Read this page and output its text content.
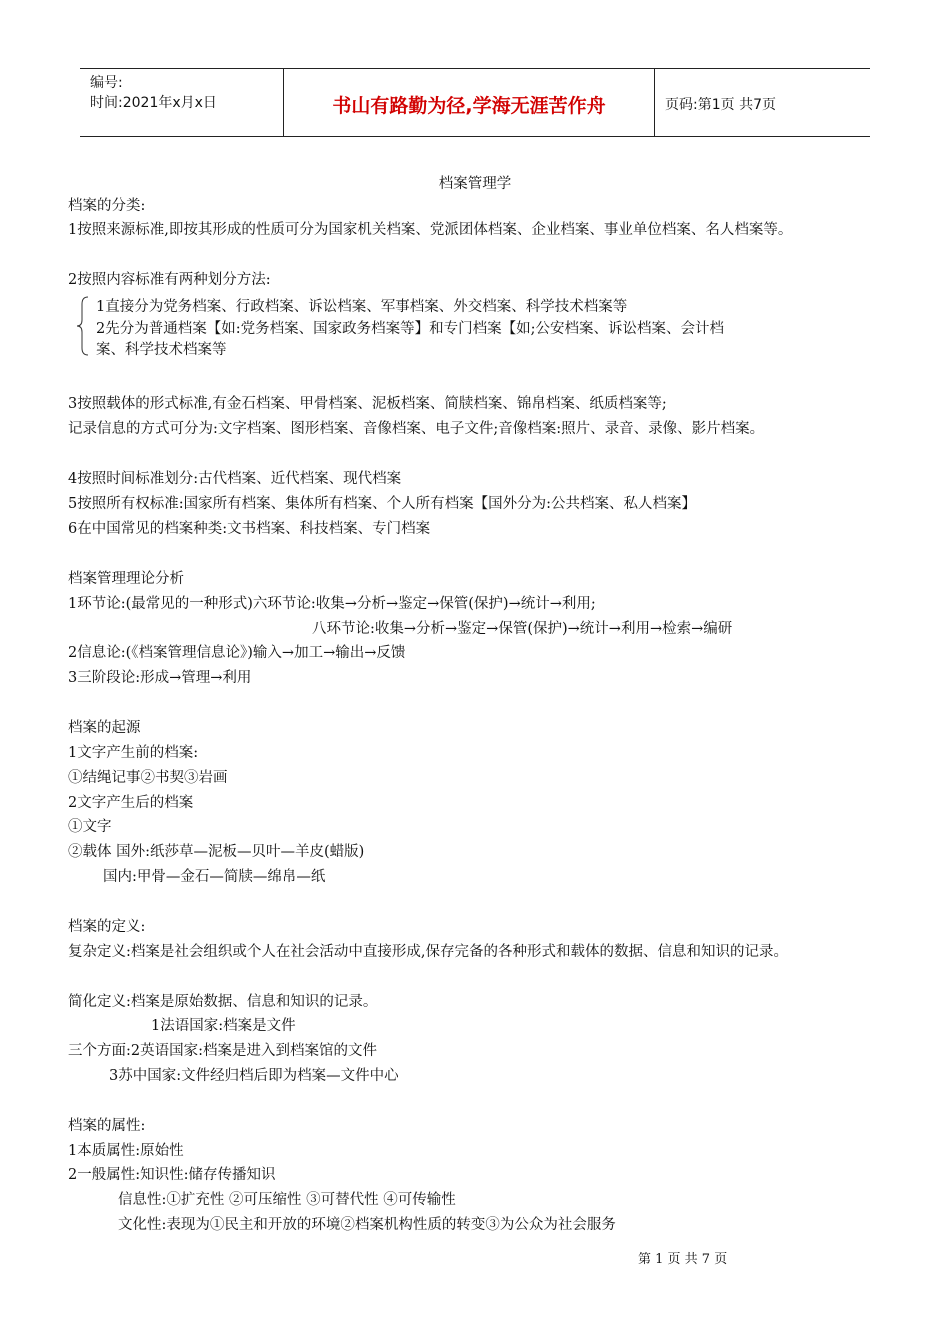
编号:
时间:2021年x月x日	书山有路勤为径,学海无涯苦作舟	页码:第1页 共7页
档案管理学
档案的分类:
1按照来源标准,即按其形成的性质可分为国家机关档案、党派团体档案、企业档案、事业单位档案、名人档案等。
2按照内容标准有两种划分方法:
1直接分为党务档案、行政档案、诉讼档案、军事档案、外交档案、科学技术档案等
2先分为普通档案【如:党务档案、国家政务档案等】和专门档案【如;公安档案、诉讼档案、会计档
案、科学技术档案等
3按照载体的形式标准,有金石档案、甲骨档案、泥板档案、简牍档案、锦帛档案、纸质档案等;
记录信息的方式可分为:文字档案、图形档案、音像档案、电子文件;音像档案:照片、录音、录像、影片档案。
4按照时间标准划分:古代档案、近代档案、现代档案
5按照所有权标准:国家所有档案、集体所有档案、个人所有档案【国外分为:公共档案、私人档案】
6在中国常见的档案种类:文书档案、科技档案、专门档案
档案管理理论分析
1环节论:(最常见的一种形式)六环节论:收集→分析→鉴定→保管(保护)→统计→利用;
八环节论:收集→分析→鉴定→保管(保护)→统计→利用→检索→编研
2信息论:(《档案管理信息论》)输入→加工→输出→反馈
3三阶段论:形成→管理→利用
档案的起源
1文字产生前的档案:
①结绳记事②书契③岩画
2文字产生后的档案
①文字
②载体 国外:纸莎草—泥板—贝叶—羊皮(蜡版)
国内:甲骨—金石—简牍—绵帛—纸
档案的定义:
复杂定义:档案是社会组织或个人在社会活动中直接形成,保存完备的各种形式和载体的数据、信息和知识的记录。
简化定义:档案是原始数据、信息和知识的记录。
1法语国家:档案是文件
三个方面:2英语国家:档案是进入到档案馆的文件
3苏中国家:文件经归档后即为档案—文件中心
档案的属性:
1本质属性:原始性
2一般属性:知识性:储存传播知识
信息性:①扩充性 ②可压缩性 ③可替代性 ④可传输性
文化性:表现为①民主和开放的环境②档案机构性质的转变③为公众为社会服务
第 1 页 共 7 页
